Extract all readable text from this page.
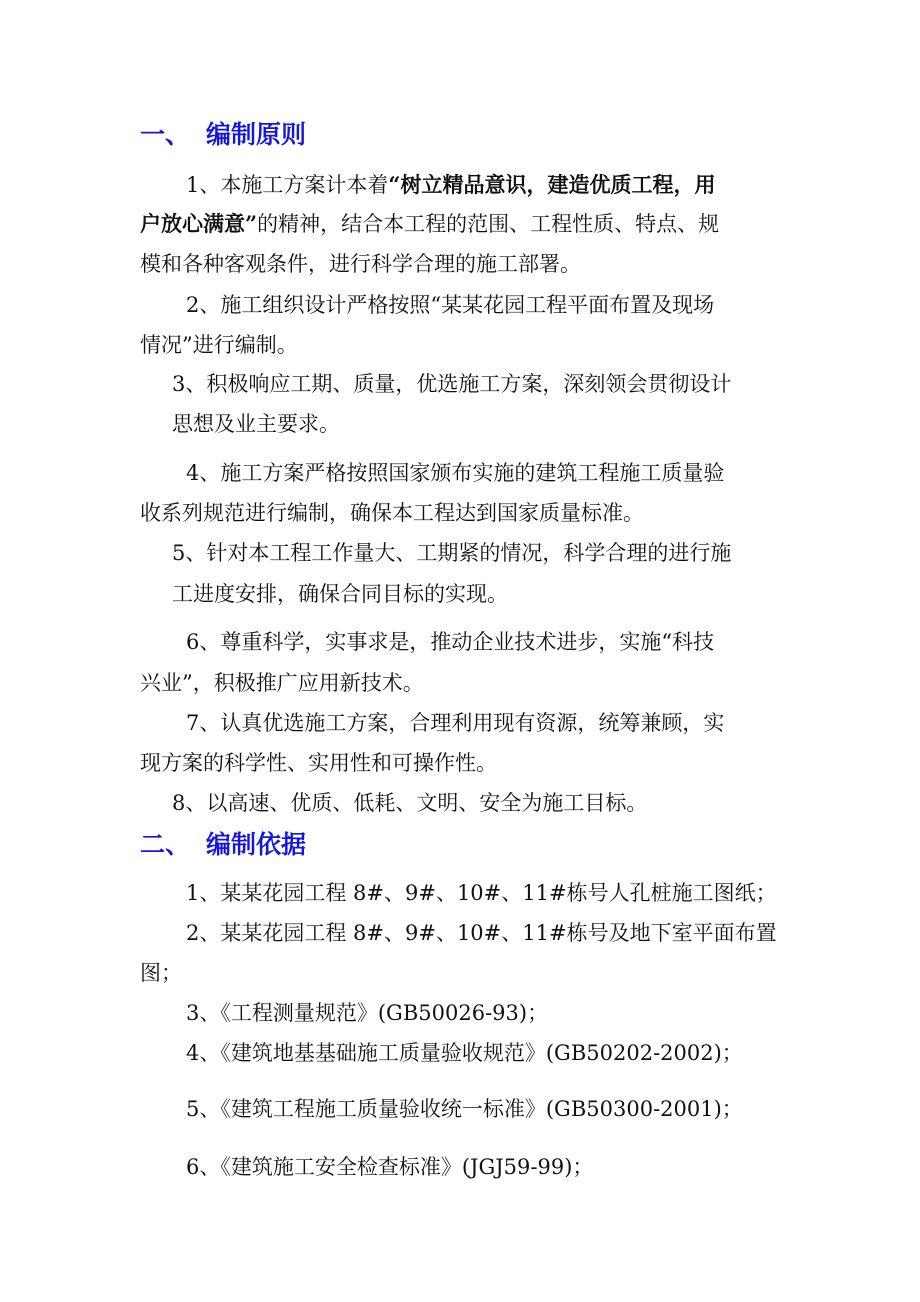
一、 编制原则
1、本施工方案计本着“树立精品意识，建造优质工程，用
户放心满意”的精神，结合本工程的范围、工程性质、特点、规
模和各种客观条件，进行科学合理的施工部署。
2、施工组织设计严格按照“某某花园工程平面布置及现场
情况”进行编制。
3、积极响应工期、质量，优选施工方案，深刻领会贯彻设计
思想及业主要求。
4、施工方案严格按照国家颁布实施的建筑工程施工质量验
收系列规范进行编制，确保本工程达到国家质量标准。
5、针对本工程工作量大、工期紧的情况，科学合理的进行施
工进度安排，确保合同目标的实现。
6、尊重科学，实事求是，推动企业技术进步，实施“科技
兴业”，积极推广应用新技术。
7、认真优选施工方案，合理利用现有资源，统筹兼顾，实
现方案的科学性、实用性和可操作性。
8、以高速、优质、低耗、文明、安全为施工目标。
二、 编制依据
1、某某花园工程 8#、9#、10#、11#栋号人孔桩施工图纸；
2、某某花园工程 8#、9#、10#、11#栋号及地下室平面布置
图；
3、《工程测量规范》(GB50026-93)；
4、《建筑地基基础施工质量验收规范》(GB50202-2002)；
5、《建筑工程施工质量验收统一标准》(GB50300-2001)；
6、《建筑施工安全检查标准》(JGJ59-99)；
